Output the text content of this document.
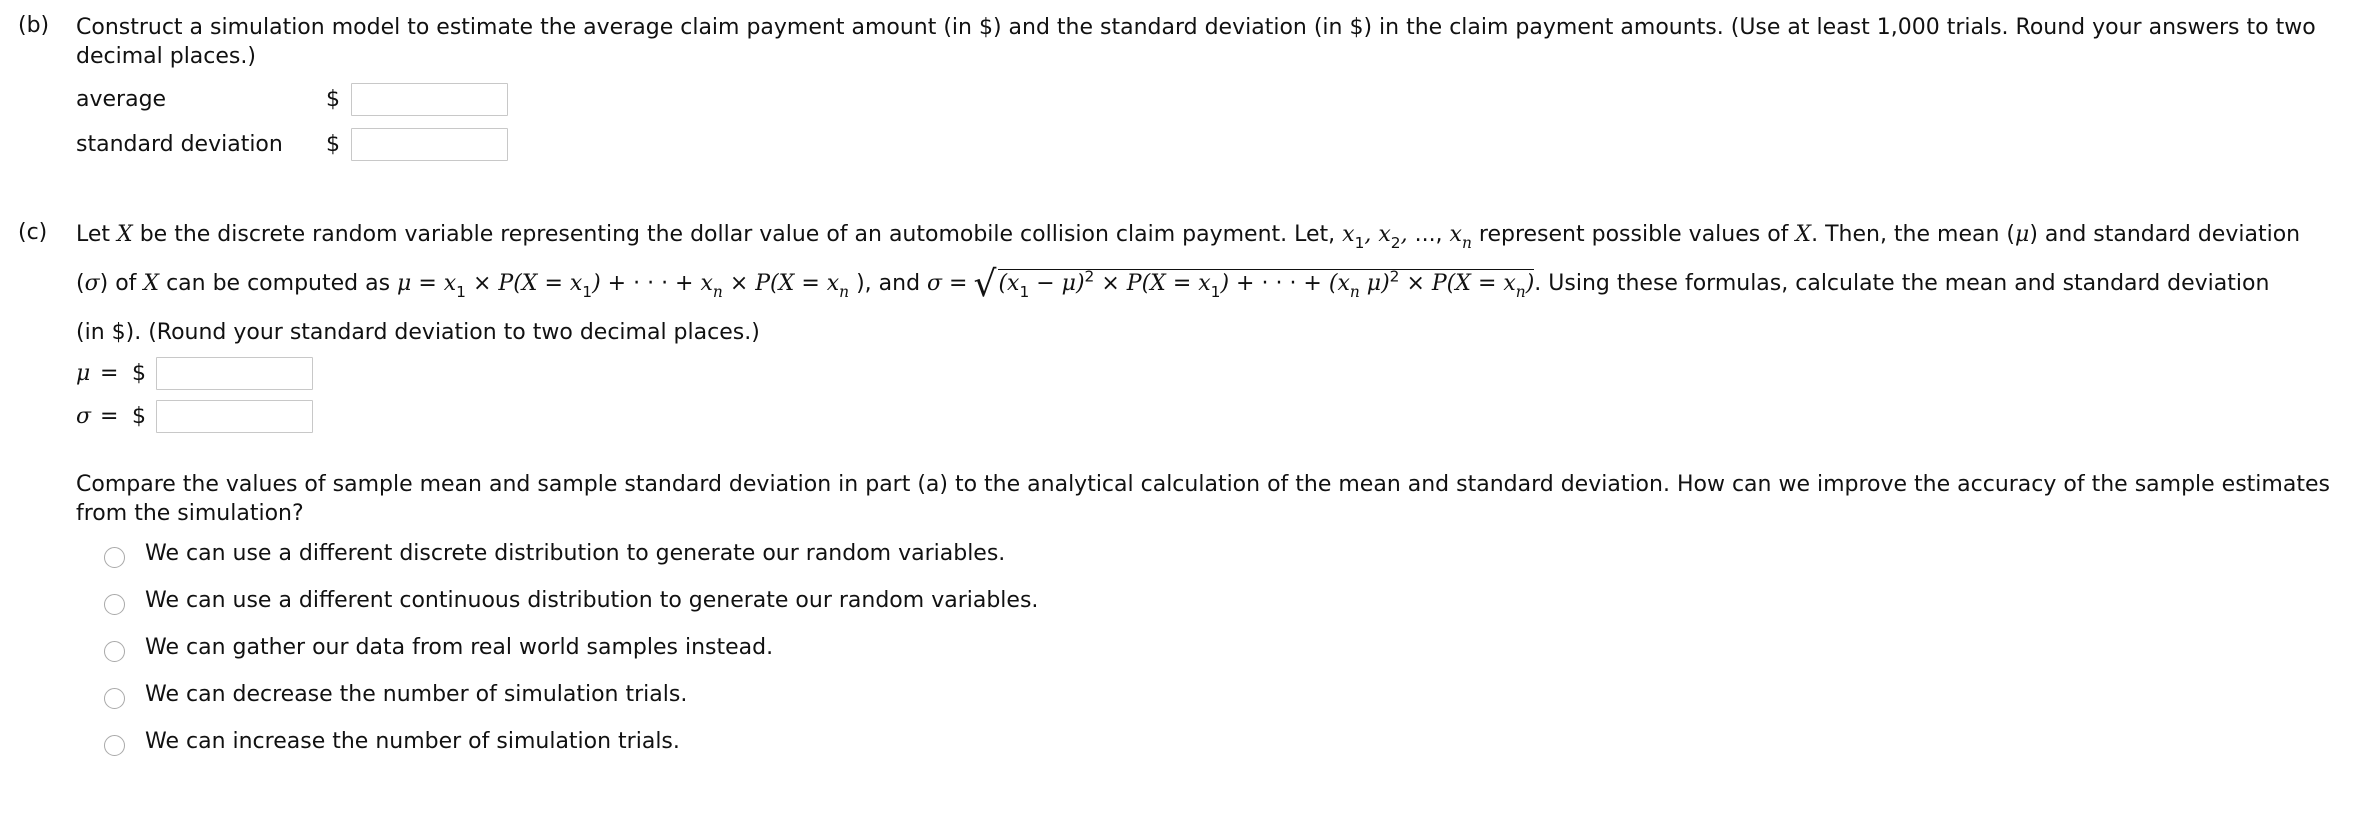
(b) Construct a simulation model to estimate the average claim payment amount (in $) and the standard deviation (in $) in the claim payment amounts. (Use at least 1,000 trials. Round your answers to two
decimal places.)
average	$
standard deviation	$
(c) Let X be the discrete random variable representing the dollar value of an automobile collision claim payment. Let, $x_1$, $x_2$, ..., $x_n$ represent possible values of X. Then, the mean (μ) and standard deviation
(σ) of X can be computed as $\mu = x_1 \times P(X = x_1)$ + · · · + $x_n \times P(X = x_n$ ), and $\sigma = √(x_1 - \mu)^2 \times P(X = x_1)$ + · · · + ($x_n$ $\mu)^2 \times P(X = x_n)$. Using these formulas, calculate the mean and standard deviation
(in $). (Round your standard deviation to two decimal places.)
μ = $
σ = $
Compare the values of sample mean and sample standard deviation in part (a) to the analytical calculation of the mean and standard deviation. How can we improve the accuracy of the sample estimates
from the simulation?
We can use a different discrete distribution to generate our random variables.
We can use a different continuous distribution to generate our random variables.
We can gather our data from real world samples instead.
We can decrease the number of simulation trials.
We can increase the number of simulation trials.
